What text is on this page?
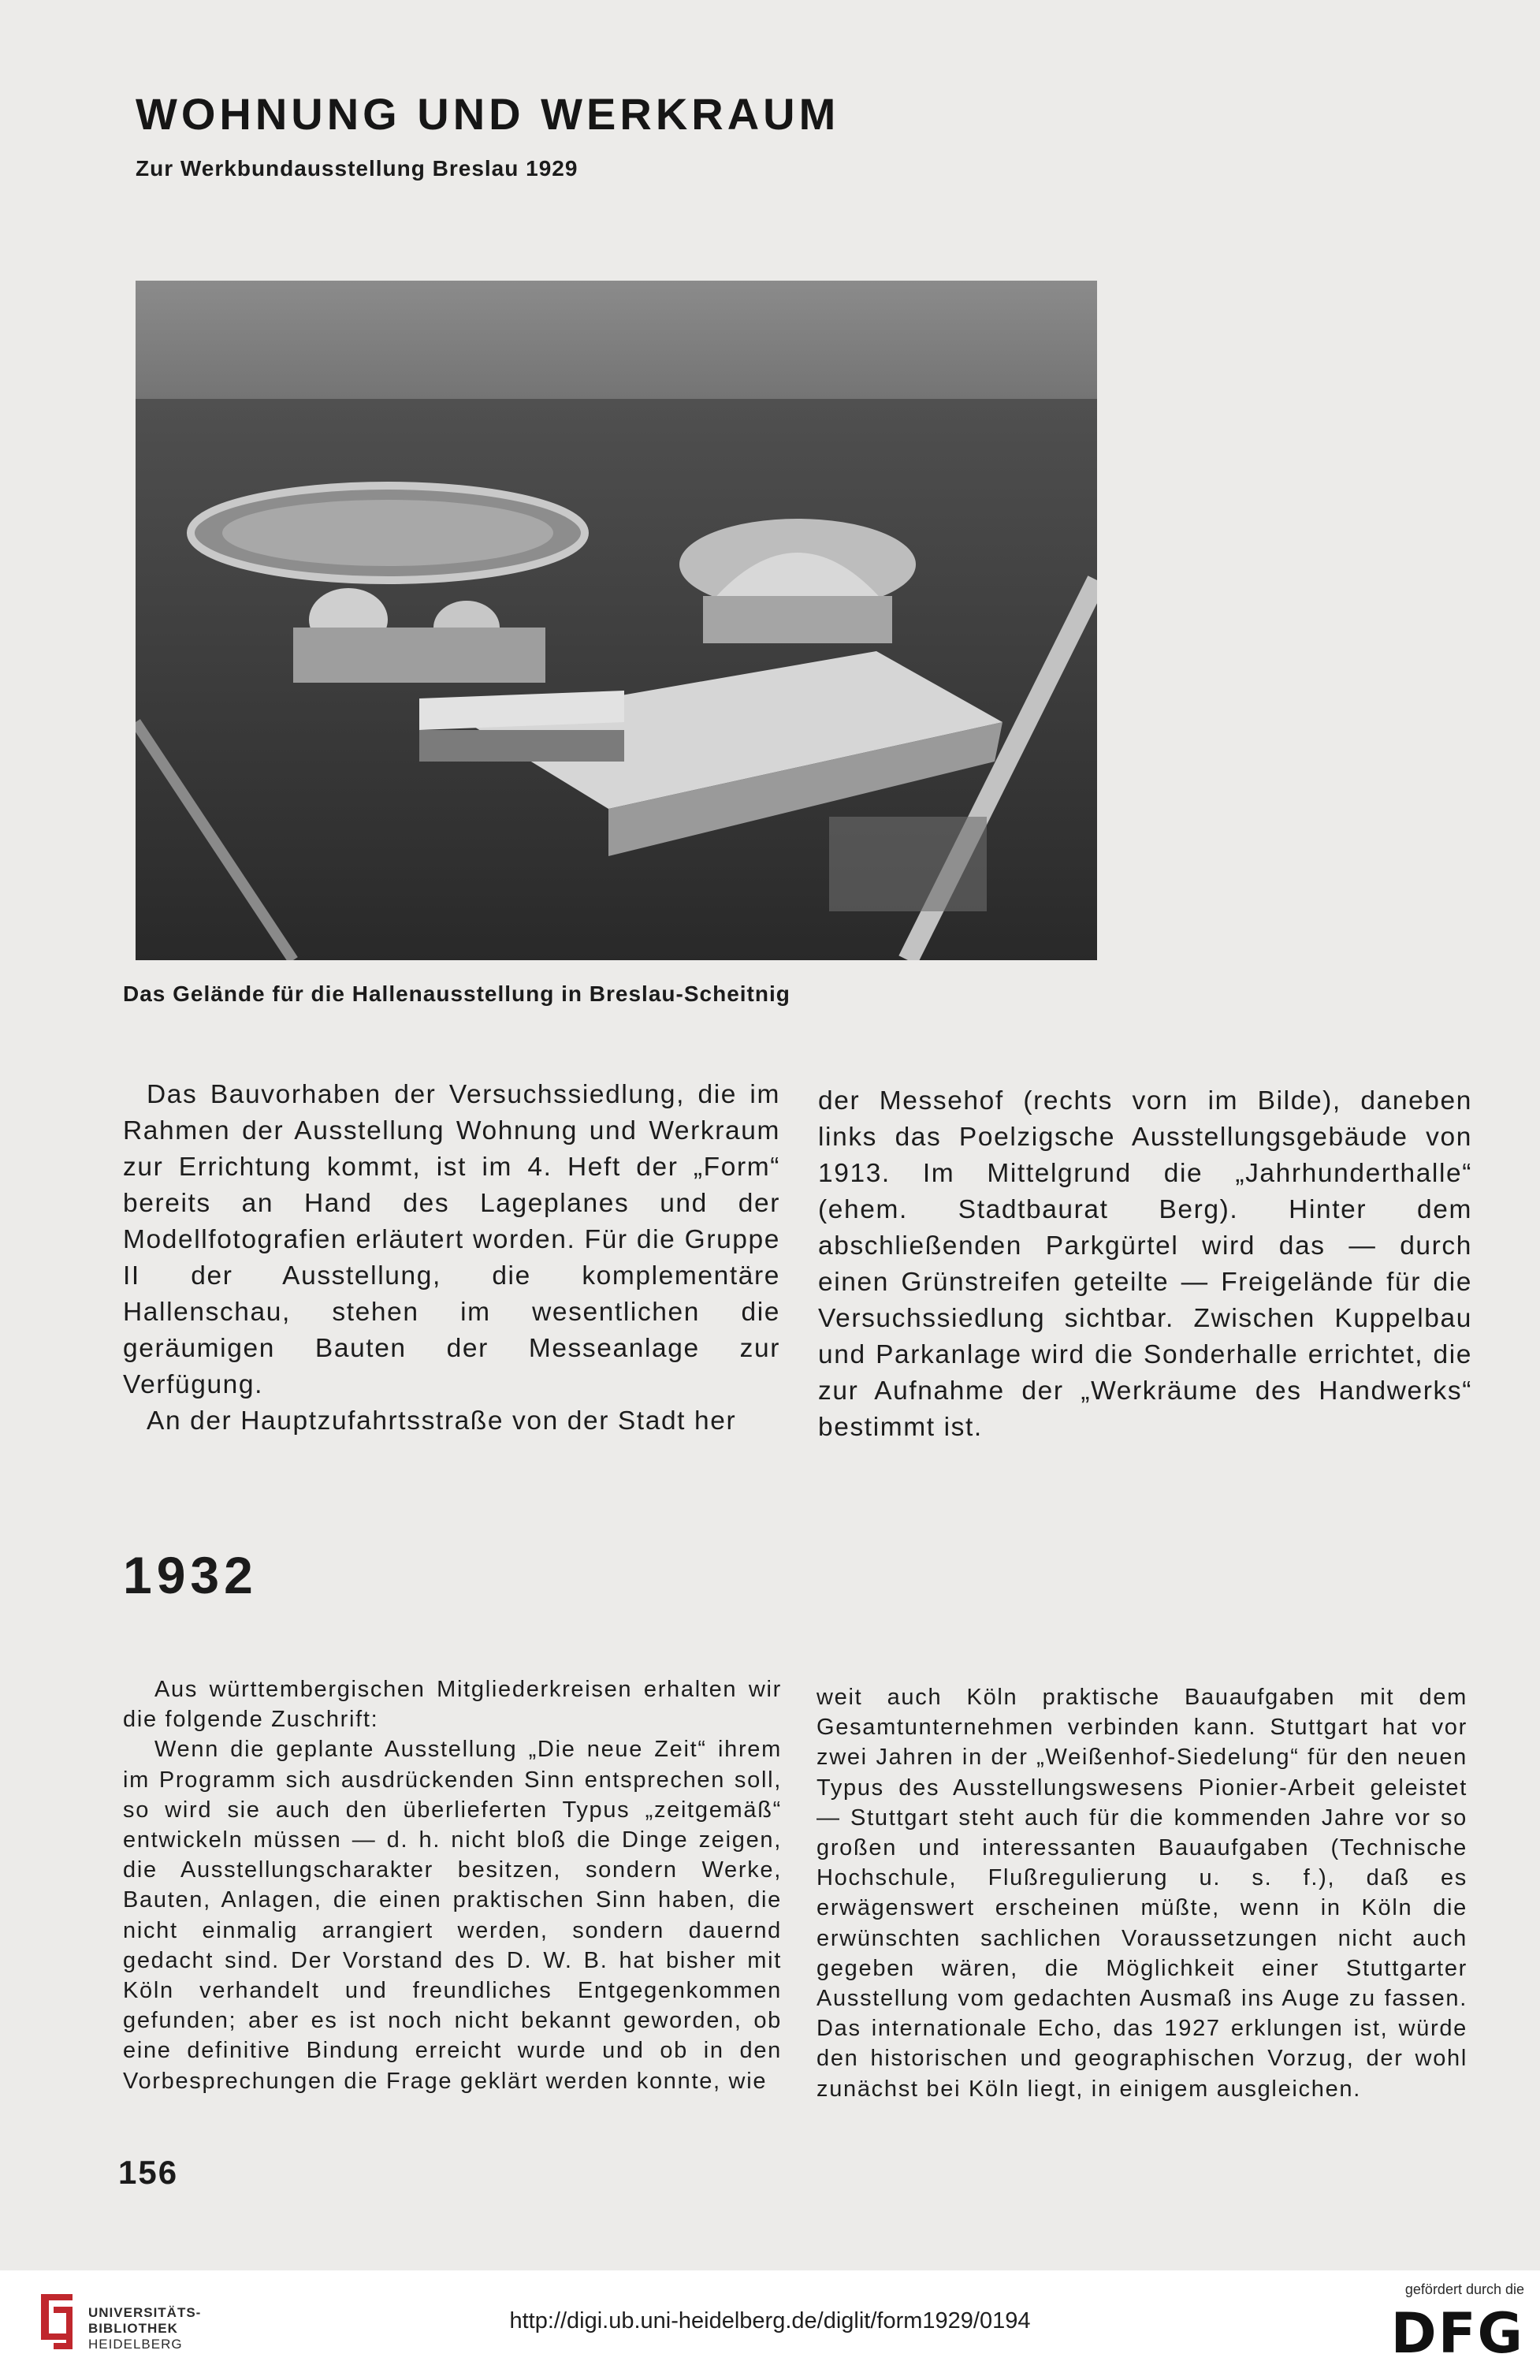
WOHNUNG UND WERKRAUM
Zur Werkbundausstellung Breslau 1929

Das Gelände für die Hallenausstellung in Breslau-Scheitnig

Das Bauvorhaben der Versuchssiedlung, die im Rahmen der Ausstellung Wohnung und Werkraum zur Errichtung kommt, ist im 4. Heft der „Form“ bereits an Hand des Lageplanes und der Modellfotografien erläutert worden. Für die Gruppe II der Ausstellung, die komplementäre Hallenschau, stehen im wesentlichen die geräumigen Bauten der Messeanlage zur Verfügung.

An der Hauptzufahrtsstraße von der Stadt her

der Messehof (rechts vorn im Bilde), daneben links das Poelzigsche Ausstellungsgebäude von 1913. Im Mittelgrund die „Jahrhunderthalle“ (ehem. Stadtbaurat Berg). Hinter dem abschließenden Parkgürtel wird das — durch einen Grünstreifen geteilte — Freigelände für die Versuchssiedlung sichtbar. Zwischen Kuppelbau und Parkanlage wird die Sonderhalle errichtet, die zur Aufnahme der „Werkräume des Handwerks“ bestimmt ist.

1932

Aus württembergischen Mitgliederkreisen erhalten wir die folgende Zuschrift:

Wenn die geplante Ausstellung „Die neue Zeit“ ihrem im Programm sich ausdrückenden Sinn entsprechen soll, so wird sie auch den überlieferten Typus „zeitgemäß“ entwickeln müssen — d. h. nicht bloß die Dinge zeigen, die Ausstellungscharakter besitzen, sondern Werke, Bauten, Anlagen, die einen praktischen Sinn haben, die nicht einmalig arrangiert werden, sondern dauernd gedacht sind. Der Vorstand des D. W. B. hat bisher mit Köln verhandelt und freundliches Entgegenkommen gefunden; aber es ist noch nicht bekannt geworden, ob eine definitive Bindung erreicht wurde und ob in den Vorbesprechungen die Frage geklärt werden konnte, wie

weit auch Köln praktische Bauaufgaben mit dem Gesamtunternehmen verbinden kann. Stuttgart hat vor zwei Jahren in der „Weißenhof-Siedelung“ für den neuen Typus des Ausstellungswesens Pionier-Arbeit geleistet — Stuttgart steht auch für die kommenden Jahre vor so großen und interessanten Bauaufgaben (Technische Hochschule, Flußregulierung u. s. f.), daß es erwägenswert erscheinen müßte, wenn in Köln die erwünschten sachlichen Voraussetzungen nicht auch gegeben wären, die Möglichkeit einer Stuttgarter Ausstellung vom gedachten Ausmaß ins Auge zu fassen. Das internationale Echo, das 1927 erklungen ist, würde den historischen und geographischen Vorzug, der wohl zunächst bei Köln liegt, in einigem ausgleichen.

156

UNIVERSITÄTS-
BIBLIOTHEK
HEIDELBERG
http://digi.ub.uni-heidelberg.de/diglit/form1929/0194

gefördert durch die

DFG
